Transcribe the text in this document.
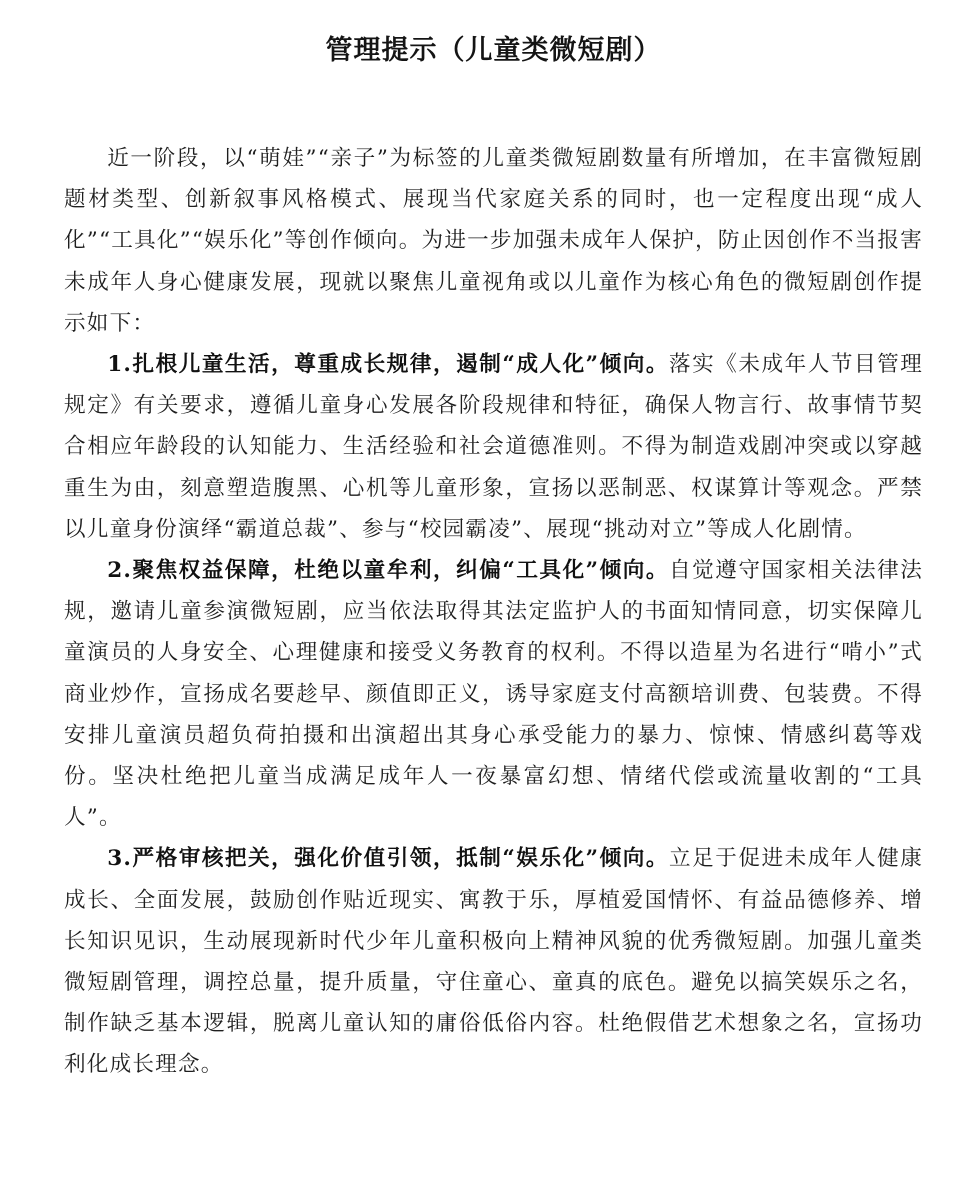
管理提示（儿童类微短剧）

近一阶段，以“萌娃”“亲子”为标签的儿童类微短剧数量有所增加，在丰富微短剧题材类型、创新叙事风格模式、展现当代家庭关系的同时，也一定程度出现“成人化”“工具化”“娱乐化”等创作倾向。为进一步加强未成年人保护，防止因创作不当报害未成年人身心健康发展，现就以聚焦儿童视角或以儿童作为核心角色的微短剧创作提示如下：

1.扎根儿童生活，尊重成长规律，遏制“成人化”倾向。落实《未成年人节目管理规定》有关要求，遵循儿童身心发展各阶段规律和特征，确保人物言行、故事情节契合相应年龄段的认知能力、生活经验和社会道德准则。不得为制造戏剧冲突或以穿越重生为由，刻意塑造腹黑、心机等儿童形象，宣扬以恶制恶、权谋算计等观念。严禁以儿童身份演绎“霸道总裁”、参与“校园霸凌”、展现“挑动对立”等成人化剧情。

2.聚焦权益保障，杜绝以童牟利，纠偏“工具化”倾向。自觉遵守国家相关法律法规，邀请儿童参演微短剧，应当依法取得其法定监护人的书面知情同意，切实保障儿童演员的人身安全、心理健康和接受义务教育的权利。不得以造星为名进行“啃小”式商业炒作，宣扬成名要趁早、颜值即正义，诱导家庭支付高额培训费、包装费。不得安排儿童演员超负荷拍摄和出演超出其身心承受能力的暴力、惊悚、情感纠葛等戏份。坚决杜绝把儿童当成满足成年人一夜暴富幻想、情绪代偿或流量收割的“工具人”。

3.严格审核把关，强化价值引领，抵制“娱乐化”倾向。立足于促进未成年人健康成长、全面发展，鼓励创作贴近现实、寓教于乐，厚植爱国情怀、有益品德修养、增长知识见识，生动展现新时代少年儿童积极向上精神风貌的优秀微短剧。加强儿童类微短剧管理，调控总量，提升质量，守住童心、童真的底色。避免以搞笑娱乐之名，制作缺乏基本逻辑，脱离儿童认知的庸俗低俗内容。杜绝假借艺术想象之名，宣扬功利化成长理念。
